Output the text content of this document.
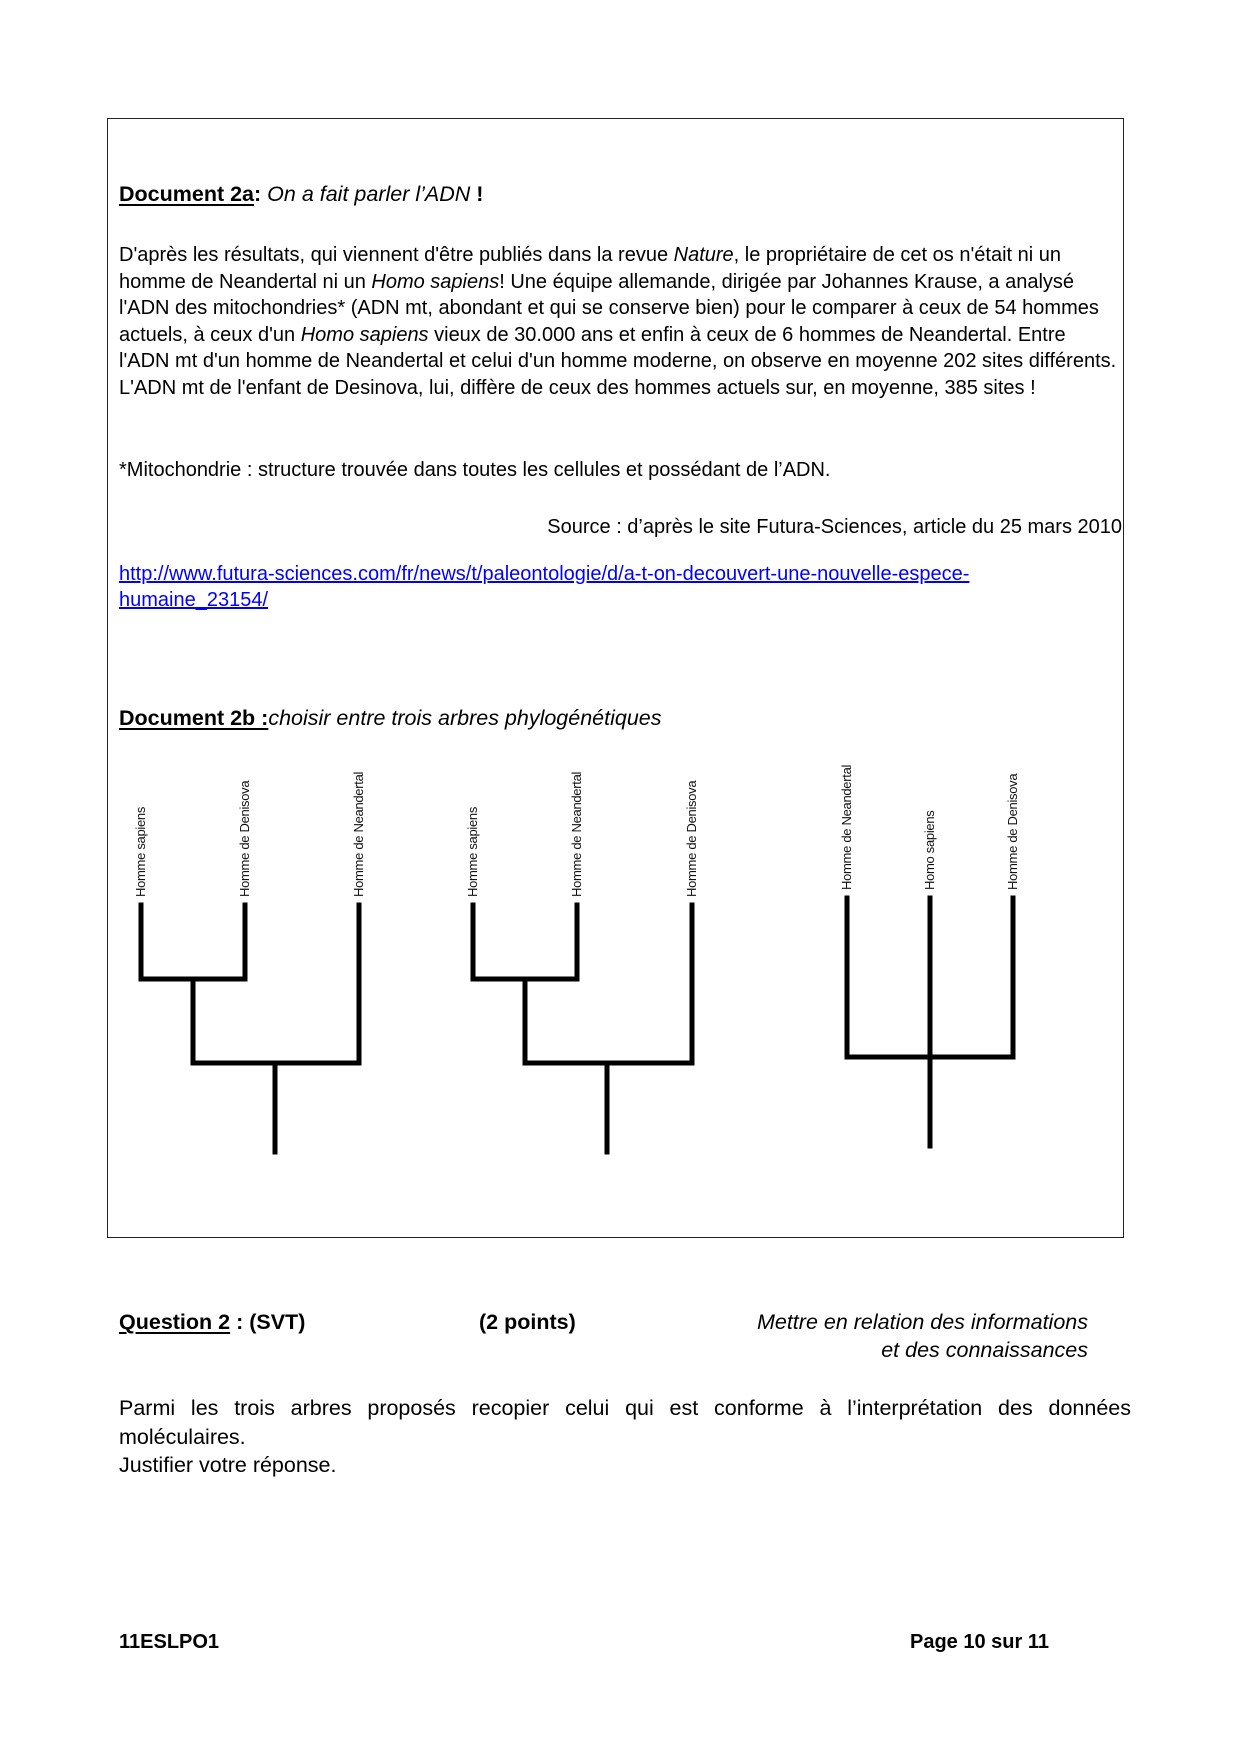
Document 2a: On a fait parler l’ADN !

D'après les résultats, qui viennent d'être publiés dans la revue Nature, le propriétaire de cet os n'était ni un homme de Neandertal ni un Homo sapiens! Une équipe allemande, dirigée par Johannes Krause, a analysé l'ADN des mitochondries* (ADN mt, abondant et qui se conserve bien) pour le comparer à ceux de 54 hommes actuels, à ceux d'un Homo sapiens vieux de 30.000 ans et enfin à ceux de 6 hommes de Neandertal. Entre l'ADN mt d'un homme de Neandertal et celui d'un homme moderne, on observe en moyenne 202 sites différents. L'ADN mt de l'enfant de Desinova, lui, diffère de ceux des hommes actuels sur, en moyenne, 385 sites !

*Mitochondrie : structure trouvée dans toutes les cellules et possédant de l’ADN.
Source : d’après le site Futura-Sciences, article du 25 mars 2010
http://www.futura-sciences.com/fr/news/t/paleontologie/d/a-t-on-decouvert-une-nouvelle-espece-
humaine_23154/
Document 2b :choisir entre trois arbres phylogénétiques
Homme sapiens	Homme de Denisova	Homme de Neandertal	Homme sapiens	Homme de Neandertal	Homme de Denisova	Homme de Neandertal	Homo sapiens	Homme de Denisova
Question 2 : (SVT)	(2 points)	Mettre en relation des informations
et des connaissances

Parmi les trois arbres proposés recopier celui qui est conforme à l’interprétation des données moléculaires.

Justifier votre réponse.

11ESLPO1	Page 10 sur 11
